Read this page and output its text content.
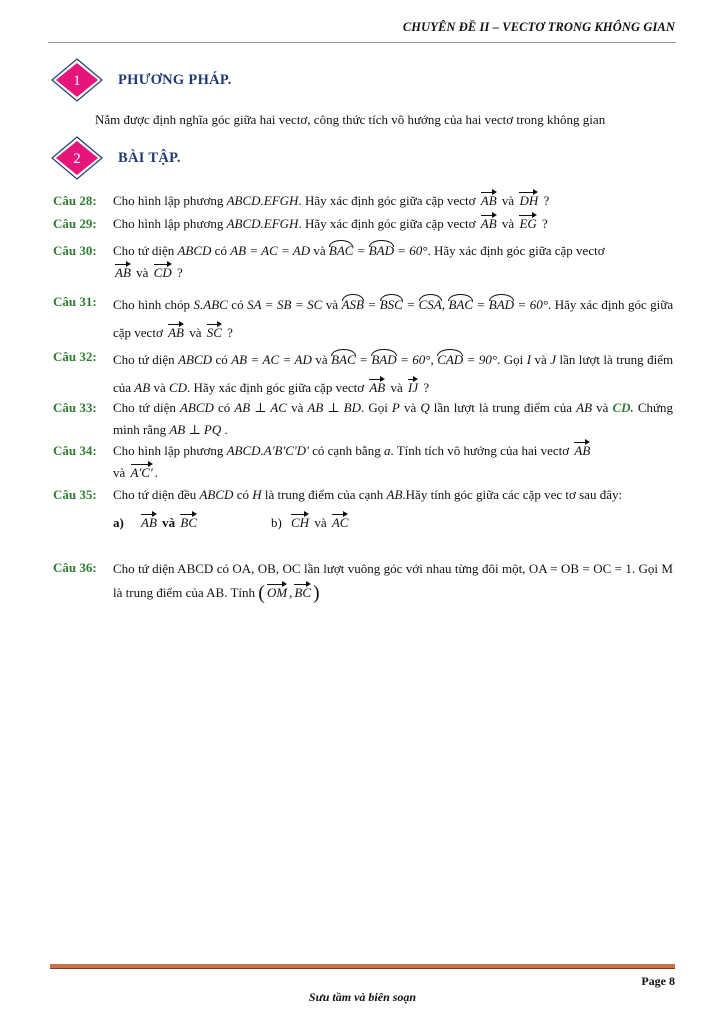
CHUYÊN ĐỀ II – VECTƠ TRONG KHÔNG GIAN
1	PHƯƠNG PHÁP.
Nắm được định nghĩa góc giữa hai vectơ, công thức tích vô hướng của hai vectơ trong không gian
2	BÀI TẬP.
Câu 28: Cho hình lập phương ABCD.EFGH. Hãy xác định góc giữa cặp vectơ AB và DH ?
Câu 29: Cho hình lập phương ABCD.EFGH. Hãy xác định góc giữa cặp vectơ AB và EG ?
Câu 30: Cho tứ diện ABCD có AB = AC = AD và BAC = BAD = 60°. Hãy xác định góc giữa cặp vectơ
AB và CD ?
Câu 31: Cho hình chóp S.ABC có SA = SB = SC và ASB = BSC = CSA, BAC = BAD = 60°. Hãy xác định góc giữa cặp vectơ AB và SC ?
Câu 32: Cho tứ diện ABCD có AB = AC = AD và BAC = BAD = 60°, CAD = 90°. Gọi I và J lần lượt là trung điểm của AB và CD. Hãy xác định góc giữa cặp vectơ AB và IJ ?
Câu 33: Cho tứ diện ABCD có AB ⊥ AC và AB ⊥ BD. Gọi P và Q lần lượt là trung điểm của AB và CD. Chứng minh rằng AB ⊥ PQ .
Câu 34: Cho hình lập phương ABCD.A'B'C'D' có cạnh bằng a. Tính tích vô hướng của hai vectơ AB
và A'C' .
Câu 35: Cho tứ diện đều ABCD có H là trung điểm của cạnh AB.Hãy tính góc giữa các cặp vec tơ sau đây:
a) AB và BC	b) CH và AC
Câu 36: Cho tứ diện ABCD có OA, OB, OC lần lượt vuông góc với nhau từng đôi một, OA = OB = OC = 1. Gọi M là trung điểm của AB. Tính ( OM , BC )
Page 8
Sưu tầm và biên soạn
